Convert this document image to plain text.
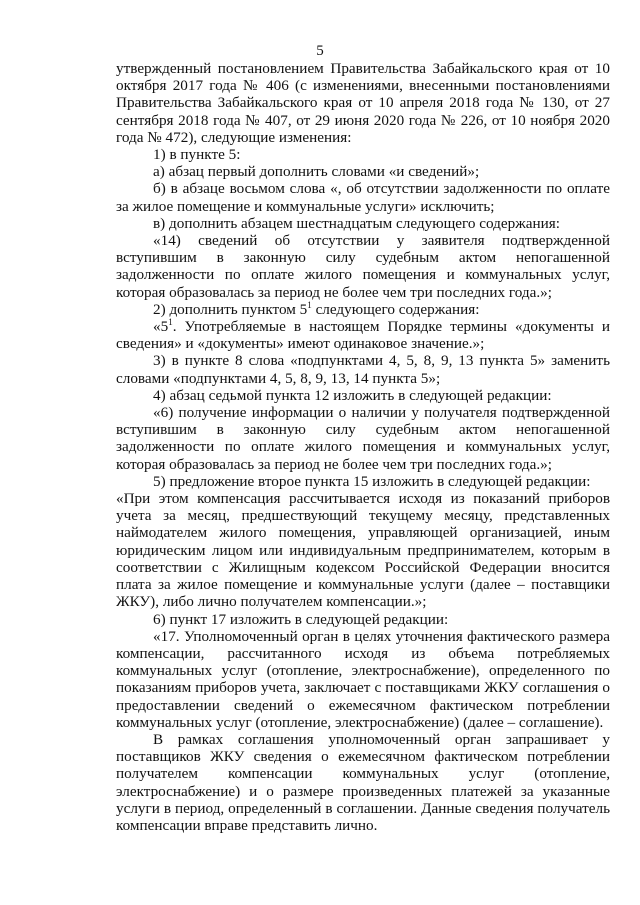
5

утвержденный постановлением Правительства Забайкальского края от 10 октября 2017 года № 406 (с изменениями, внесенными постановлениями Правительства Забайкальского края от 10 апреля 2018 года № 130, от 27 сентября 2018 года № 407, от 29 июня 2020 года № 226, от 10 ноября 2020 года № 472), следующие изменения:

1) в пункте 5:

а) абзац первый дополнить словами «и сведений»;

б) в абзаце восьмом слова «, об отсутствии задолженности по оплате за жилое помещение и коммунальные услуги» исключить;

в) дополнить абзацем шестнадцатым следующего содержания:

«14) сведений об отсутствии у заявителя подтвержденной вступившим в законную силу судебным актом непогашенной задолженности по оплате жилого помещения и коммунальных услуг, которая образовалась за период не более чем три последних года.»;

2) дополнить пунктом $5^1$ следующего содержания:

«$5^1$. Употребляемые в настоящем Порядке термины «документы и сведения» и «документы» имеют одинаковое значение.»;

3) в пункте 8 слова «подпунктами 4, 5, 8, 9, 13 пункта 5» заменить словами «подпунктами 4, 5, 8, 9, 13, 14 пункта 5»;

4) абзац седьмой пункта 12 изложить в следующей редакции:

«6) получение информации о наличии у получателя подтвержденной вступившим в законную силу судебным актом непогашенной задолженности по оплате жилого помещения и коммунальных услуг, которая образовалась за период не более чем три последних года.»;

5) предложение второе пункта 15 изложить в следующей редакции:

«При этом компенсация рассчитывается исходя из показаний приборов учета за месяц, предшествующий текущему месяцу, представленных наймодателем жилого помещения, управляющей организацией, иным юридическим лицом или индивидуальным предпринимателем, которым в соответствии с Жилищным кодексом Российской Федерации вносится плата за жилое помещение и коммунальные услуги (далее – поставщики ЖКУ), либо лично получателем компенсации.»;

6) пункт 17 изложить в следующей редакции:

«17. Уполномоченный орган в целях уточнения фактического размера компенсации, рассчитанного исходя из объема потребляемых коммунальных услуг (отопление, электроснабжение), определенного по показаниям приборов учета, заключает с поставщиками ЖКУ соглашения о предоставлении сведений о ежемесячном фактическом потреблении коммунальных услуг (отопление, электроснабжение) (далее – соглашение).

В рамках соглашения уполномоченный орган запрашивает у поставщиков ЖКУ сведения о ежемесячном фактическом потреблении получателем компенсации коммунальных услуг (отопление, электроснабжение) и о размере произведенных платежей за указанные услуги в период, определенный в соглашении. Данные сведения получатель компенсации вправе представить лично.
